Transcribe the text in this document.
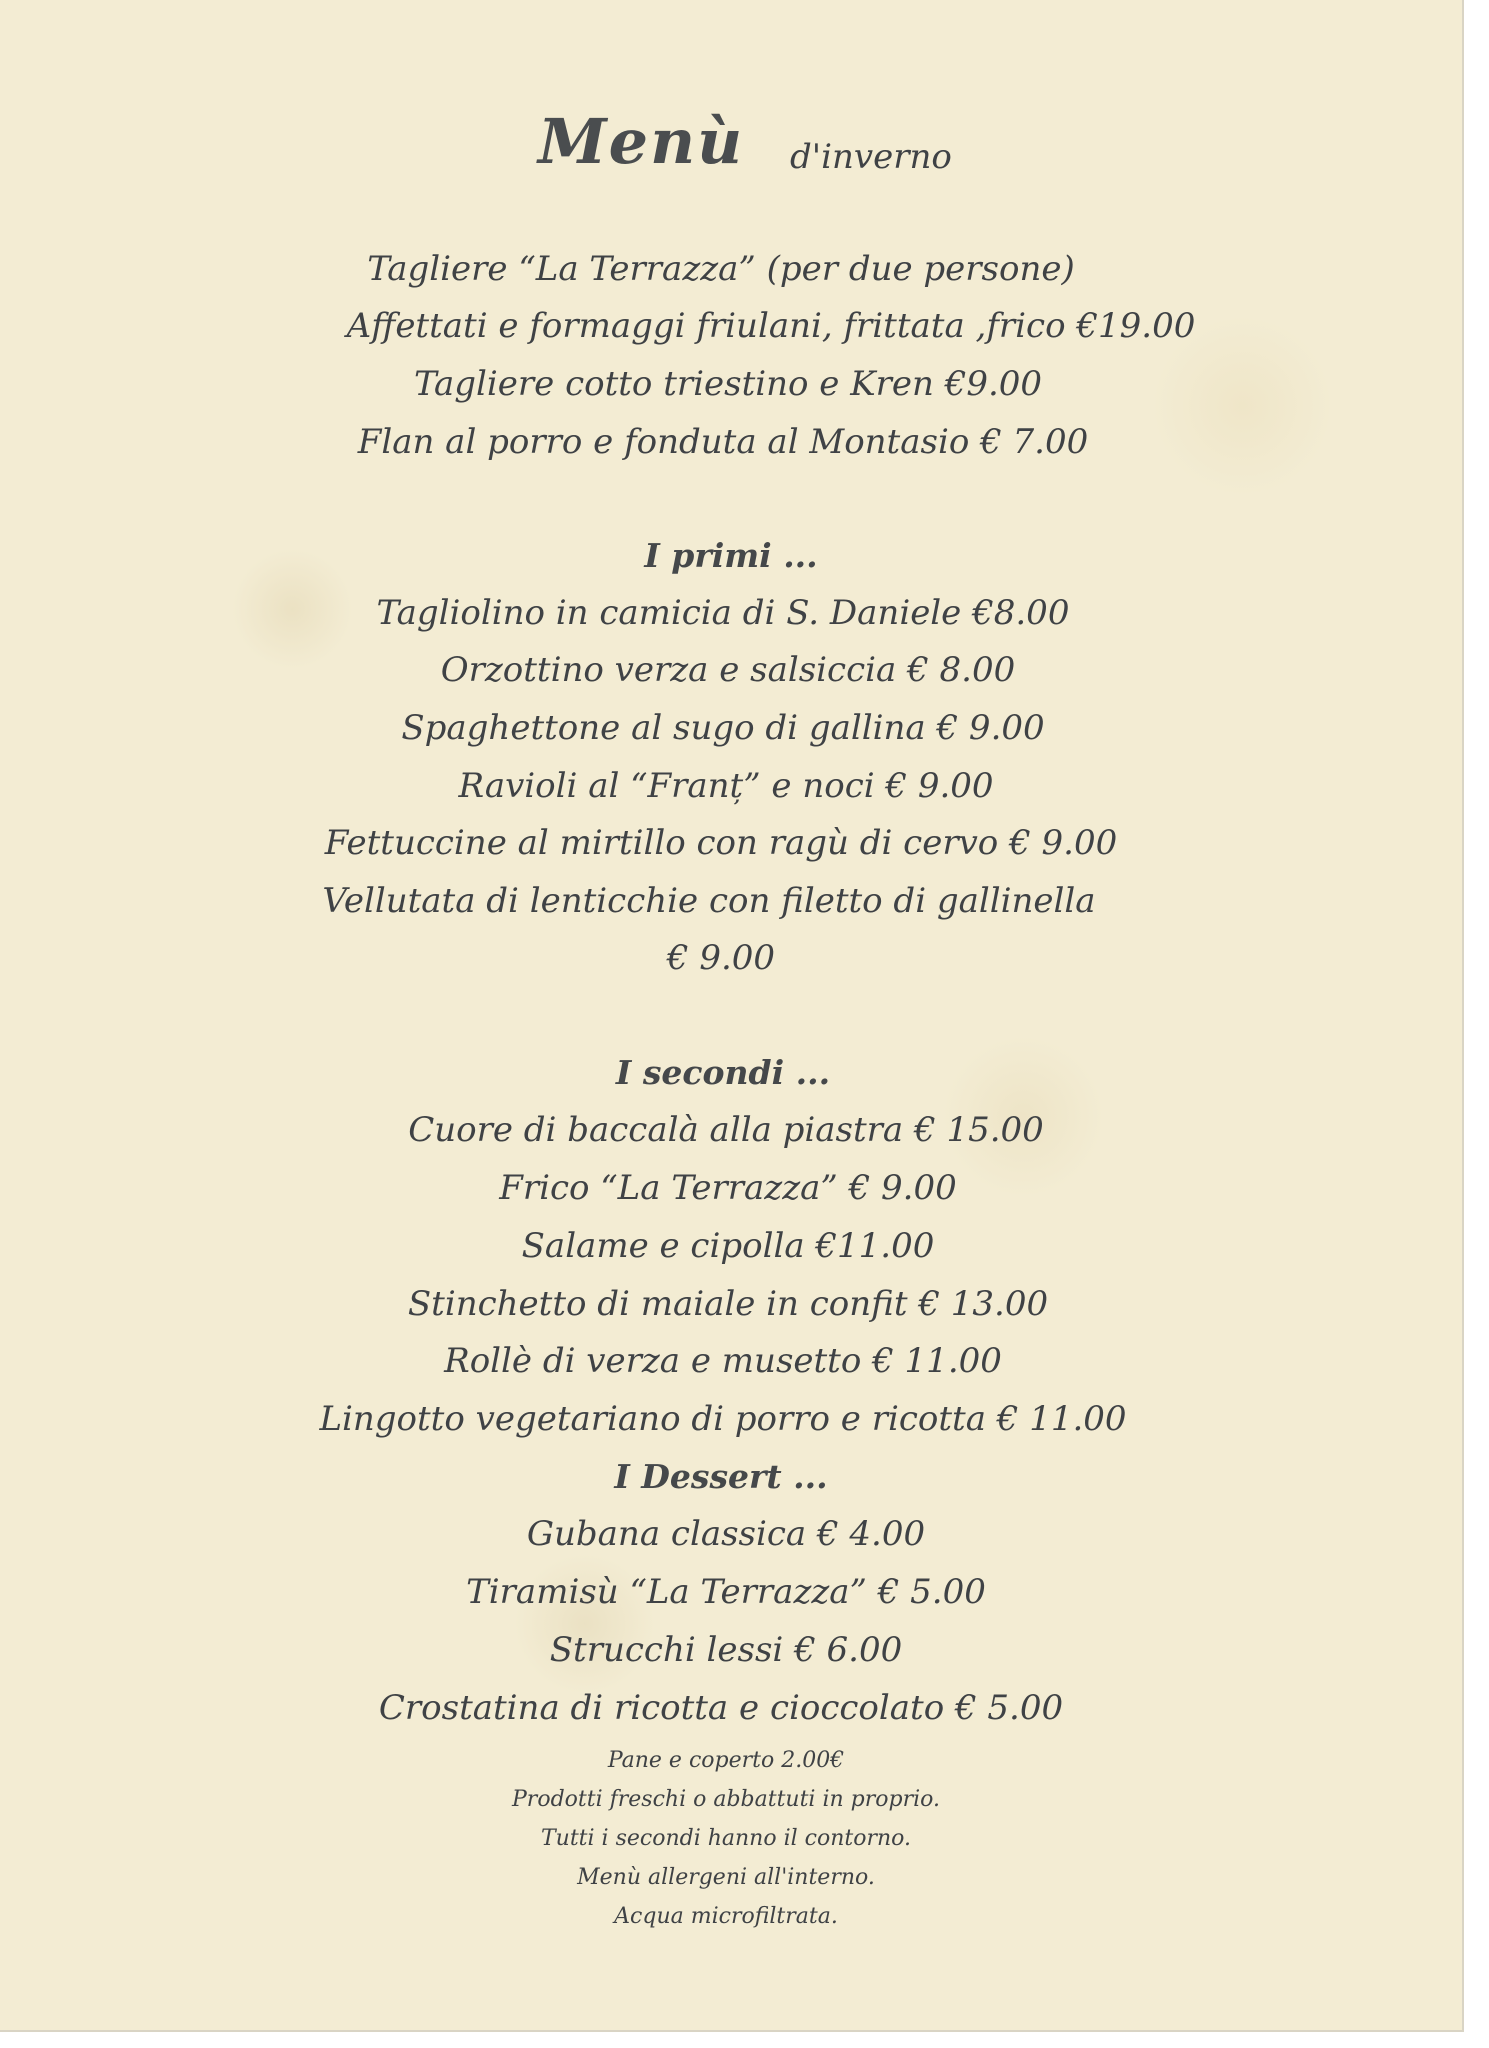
Menù d'inverno
Tagliere “La Terrazza” (per due persone)
Affettati e formaggi friulani, frittata ,frico €19.00
Tagliere cotto triestino e Kren €9.00
Flan al porro e fonduta al Montasio € 7.00
I primi ...
Tagliolino in camicia di S. Daniele €8.00
Orzottino verza e salsiccia € 8.00
Spaghettone al sugo di gallina € 9.00
Ravioli al “Franț” e noci € 9.00
Fettuccine al mirtillo con ragù di cervo € 9.00
Vellutata di lenticchie con filetto di gallinella
€ 9.00
I secondi ...
Cuore di baccalà alla piastra € 15.00
Frico “La Terrazza” € 9.00
Salame e cipolla €11.00
Stinchetto di maiale in confit € 13.00
Rollè di verza e musetto € 11.00
Lingotto vegetariano di porro e ricotta € 11.00
I Dessert ...
Gubana classica € 4.00
Tiramisù “La Terrazza” € 5.00
Strucchi lessi € 6.00
Crostatina di ricotta e cioccolato € 5.00
Pane e coperto 2.00€
Prodotti freschi o abbattuti in proprio.
Tutti i secondi hanno il contorno.
Menù allergeni all'interno.
Acqua microfiltrata.
